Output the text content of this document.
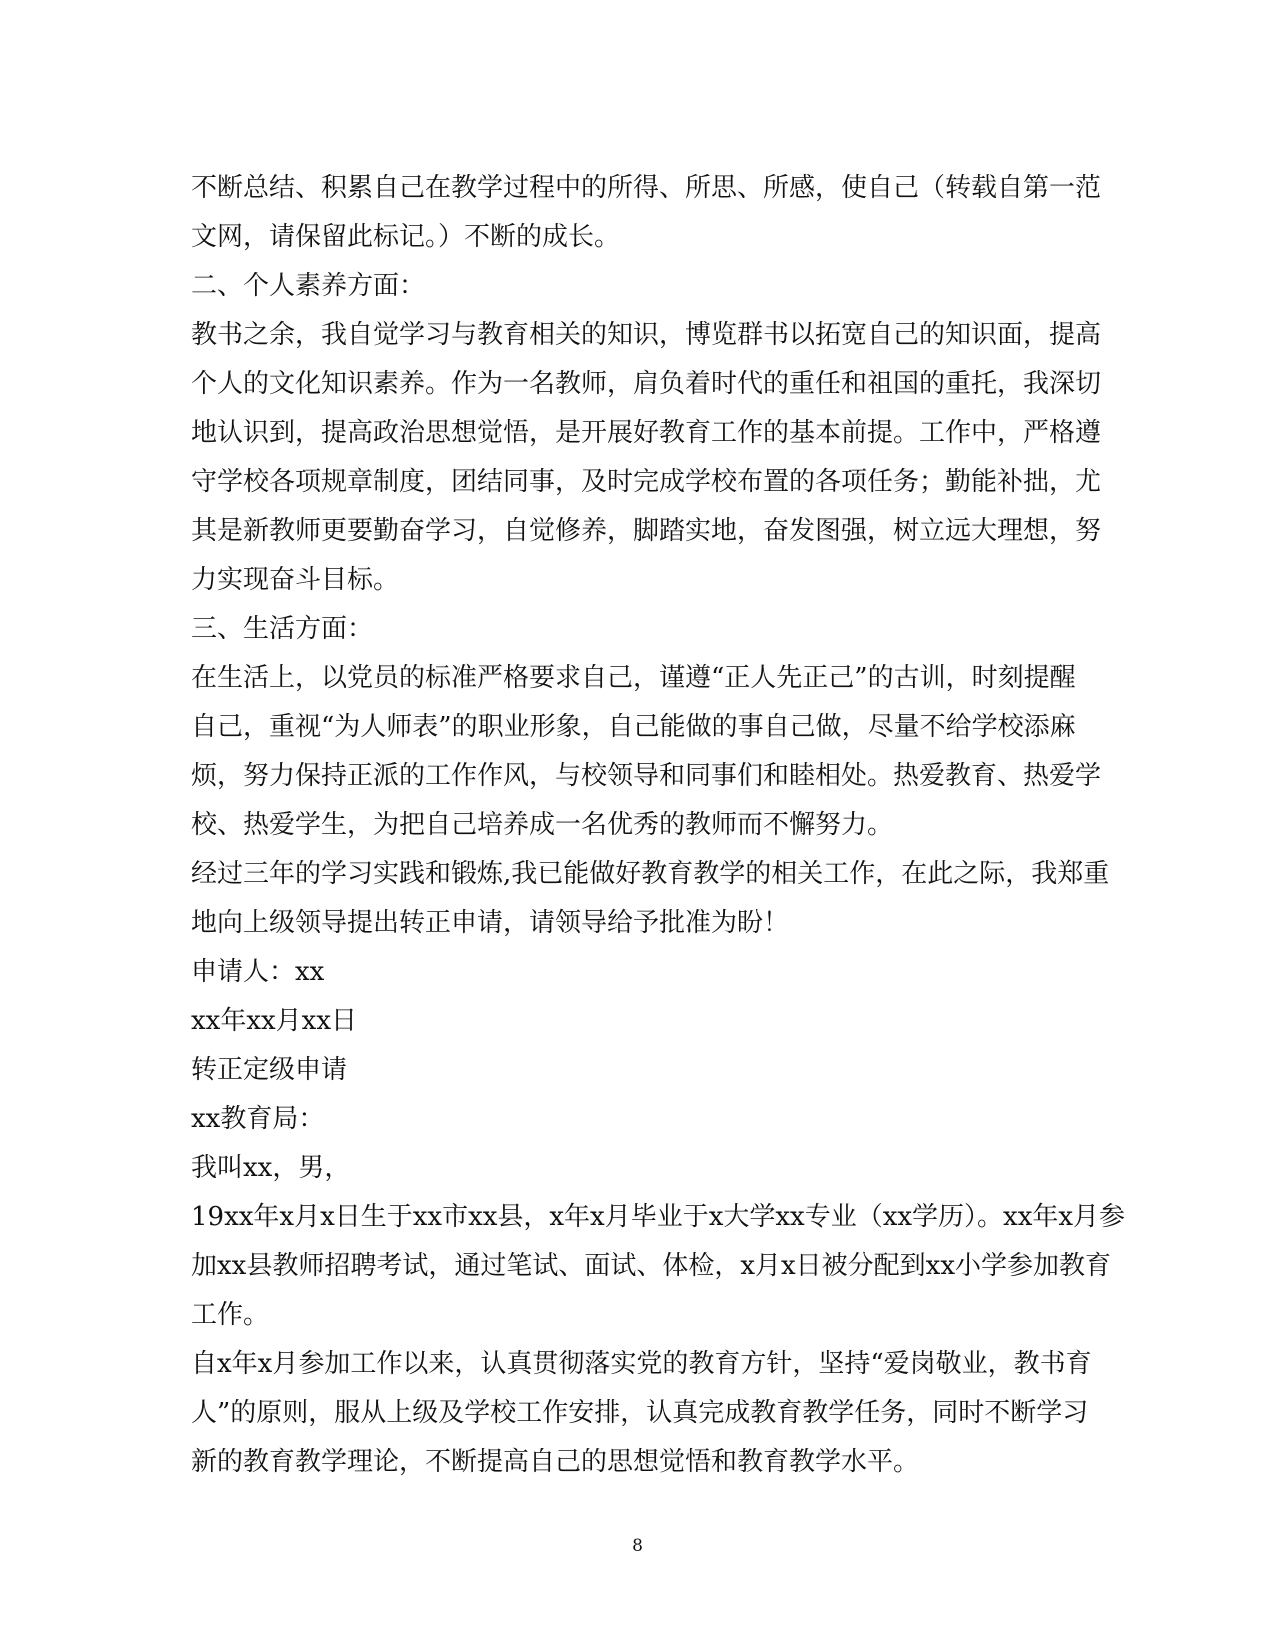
不断总结、积累自己在教学过程中的所得、所思、所感，使自己（转载自第一范
文网，请保留此标记。）不断的成长。
二、个人素养方面：
教书之余，我自觉学习与教育相关的知识，博览群书以拓宽自己的知识面，提高
个人的文化知识素养。作为一名教师，肩负着时代的重任和祖国的重托，我深切
地认识到，提高政治思想觉悟，是开展好教育工作的基本前提。工作中，严格遵
守学校各项规章制度，团结同事，及时完成学校布置的各项任务；勤能补拙，尤
其是新教师更要勤奋学习，自觉修养，脚踏实地，奋发图强，树立远大理想，努
力实现奋斗目标。
三、生活方面：
在生活上，以党员的标准严格要求自己，谨遵“正人先正己”的古训，时刻提醒
自己，重视“为人师表”的职业形象，自己能做的事自己做，尽量不给学校添麻
烦，努力保持正派的工作作风，与校领导和同事们和睦相处。热爱教育、热爱学
校、热爱学生，为把自己培养成一名优秀的教师而不懈努力。
经过三年的学习实践和锻炼,我已能做好教育教学的相关工作，在此之际，我郑重
地向上级领导提出转正申请，请领导给予批准为盼！
申请人：xx
xx年xx月xx日
转正定级申请
xx教育局：
我叫xx，男，
19xx年x月x日生于xx市xx县，x年x月毕业于x大学xx专业（xx学历）。xx年x月参
加xx县教师招聘考试，通过笔试、面试、体检，x月x日被分配到xx小学参加教育
工作。
自x年x月参加工作以来，认真贯彻落实党的教育方针，坚持“爱岗敬业，教书育
人”的原则，服从上级及学校工作安排，认真完成教育教学任务，同时不断学习
新的教育教学理论，不断提高自己的思想觉悟和教育教学水平。
8
